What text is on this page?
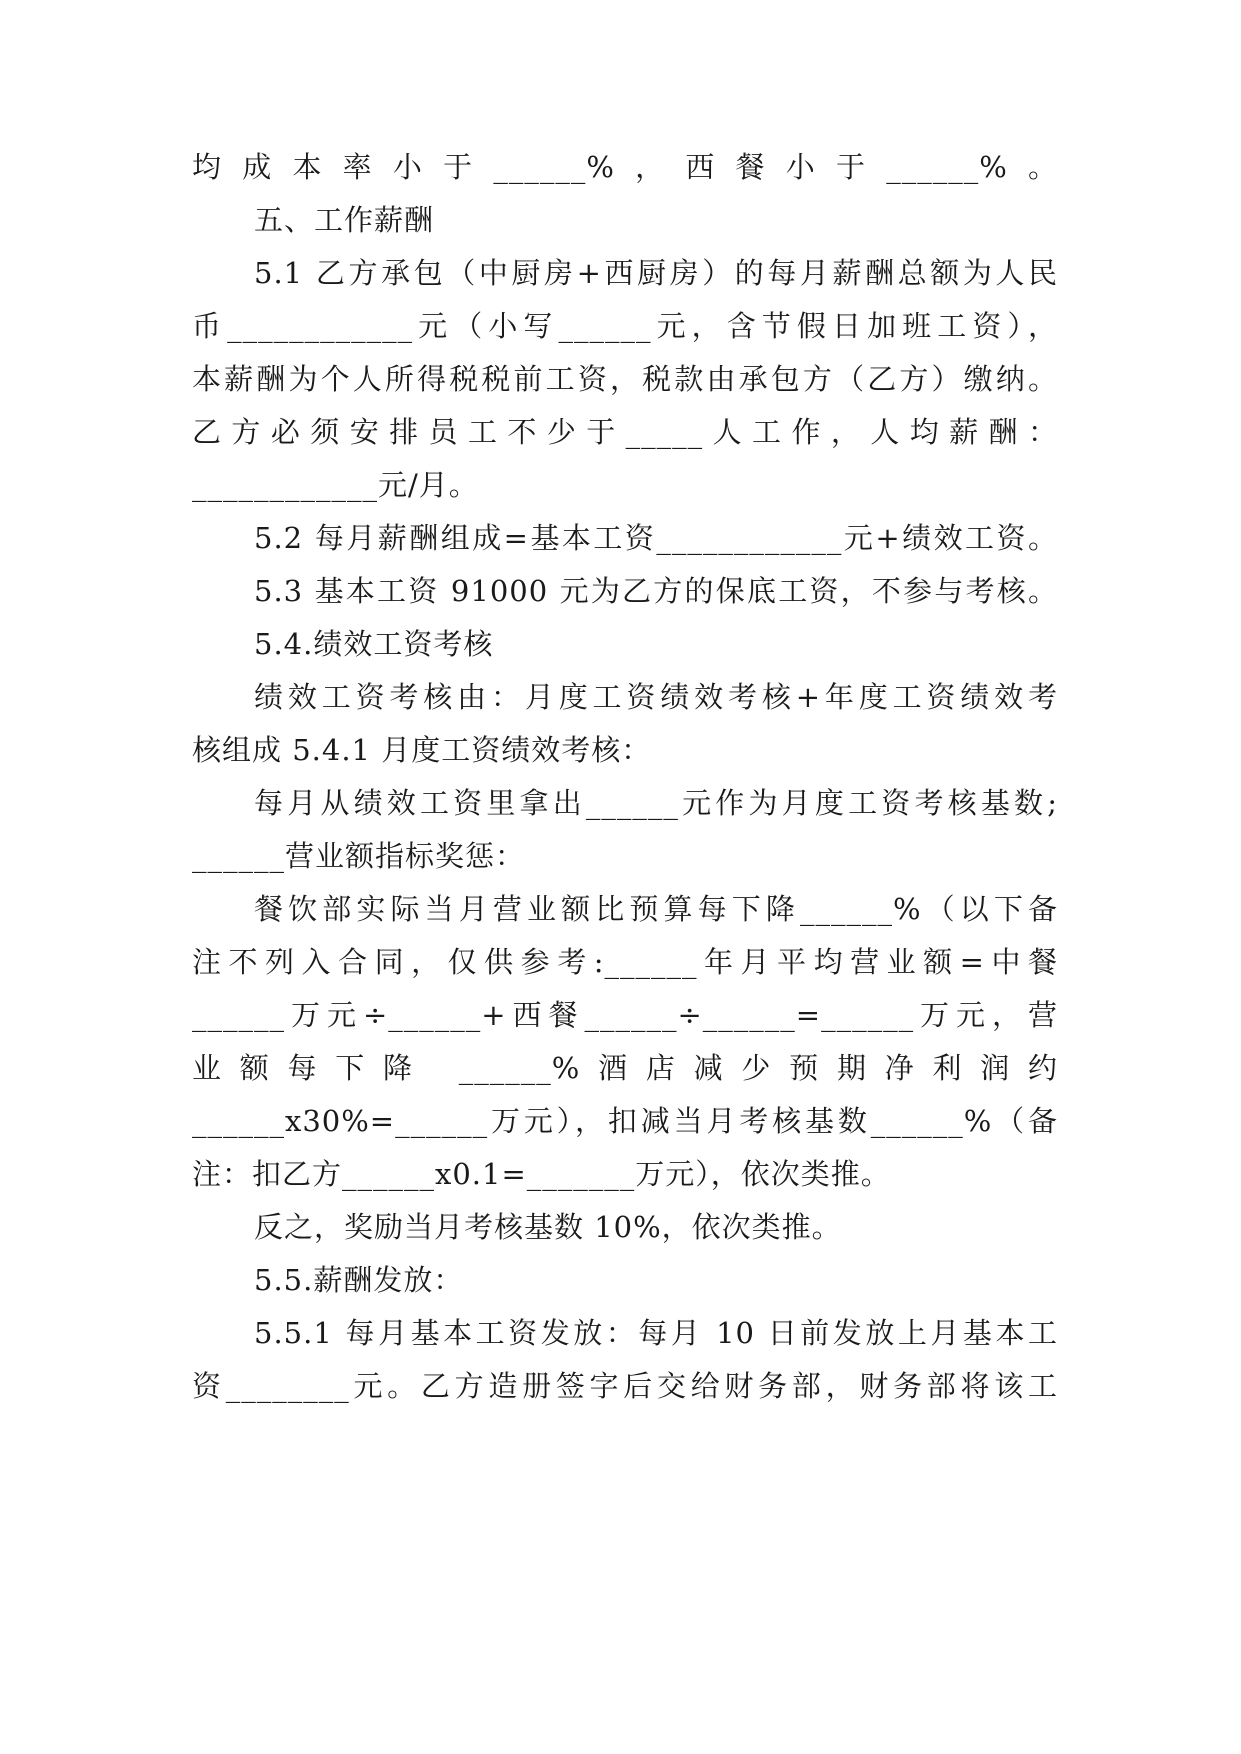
均成本率小于______%，西餐小于______%。
五、工作薪酬
5.1 乙方承包（中厨房+西厨房）的每月薪酬总额为人民
币____________元（小写______元，含节假日加班工资），
本薪酬为个人所得税税前工资，税款由承包方（乙方）缴纳。
乙方必须安排员工不少于_____人工作，人均薪酬：
____________元/月。
5.2 每月薪酬组成=基本工资____________元+绩效工资。
5.3 基本工资 91000 元为乙方的保底工资，不参与考核。
5.4.绩效工资考核
绩效工资考核由：月度工资绩效考核+年度工资绩效考
核组成 5.4.1 月度工资绩效考核：
每月从绩效工资里拿出______元作为月度工资考核基数;
______营业额指标奖惩：
餐饮部实际当月营业额比预算每下降______%（以下备
注不列入合同，仅供参考:______年月平均营业额=中餐
______万元÷______+西餐______÷______=______万元，营
业额每下降 ______%酒店减少预期净利润约
______x30%=______万元），扣减当月考核基数______%（备
注：扣乙方______x0.1=_______万元），依次类推。
反之，奖励当月考核基数 10%，依次类推。
5.5.薪酬发放：
5.5.1 每月基本工资发放：每月 10 日前发放上月基本工
资________元。乙方造册签字后交给财务部，财务部将该工
